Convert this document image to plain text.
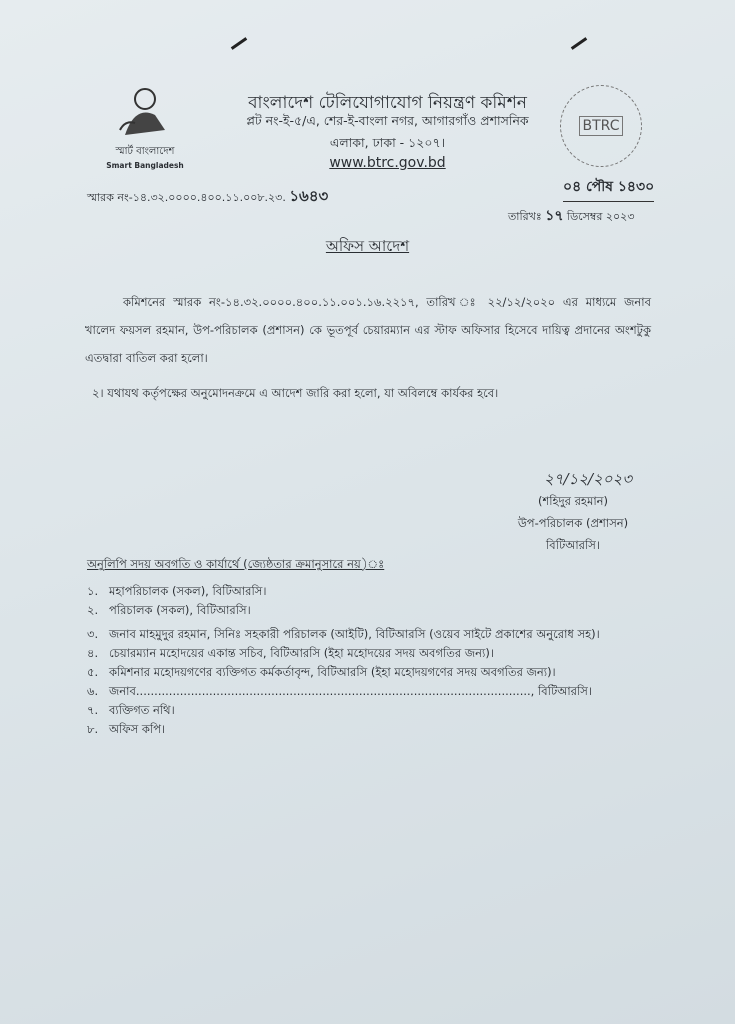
স্মার্ট বাংলাদেশ
Smart Bangladesh
বাংলাদেশ টেলিযোগাযোগ নিয়ন্ত্রণ কমিশন
প্লট নং-ই-৫/এ, শের-ই-বাংলা নগর, আগারগাঁও প্রশাসনিক
এলাকা, ঢাকা - ১২০৭।
www.btrc.gov.bd
BTRC
স্মারক নং-১৪.৩২.০০০০.৪০০.১১.০০৮.২৩. ১৬৪৩	০৪ পৌষ ১৪৩০
তারিখঃ ১৭ ডিসেম্বর ২০২৩
অফিস আদেশ

কমিশনের স্মারক নং-১৪.৩২.০০০০.৪০০.১১.০০১.১৬.২২১৭, তারিখ ঃ ২২/১২/২০২০ এর মাধ্যমে জনাব খালেদ ফয়সল রহমান, উপ-পরিচালক (প্রশাসন) কে ভূতপূর্ব চেয়ারম্যান এর স্টাফ অফিসার হিসেবে দায়িত্ব প্রদানের অংশটুকু এতদ্বারা বাতিল করা হলো।

২। যথাযথ কর্তৃপক্ষের অনুমোদনক্রমে এ আদেশ জারি করা হলো, যা অবিলম্বে কার্যকর হবে।
২৭/১২/২০২৩
(শহিদুর রহমান)
উপ-পরিচালক (প্রশাসন)
বিটিআরসি।
অনুলিপি সদয় অবগতি ও কার্যার্থে (জ্যেষ্ঠতার ক্রমানুসারে নয়)ঃ
১. মহাপরিচালক (সকল), বিটিআরসি।
২. পরিচালক (সকল), বিটিআরসি।
৩. জনাব মাহমুদুর রহমান, সিনিঃ সহকারী পরিচালক (আইটি), বিটিআরসি (ওয়েব সাইটে প্রকাশের অনুরোধ সহ)।
৪. চেয়ারম্যান মহোদয়ের একান্ত সচিব, বিটিআরসি (ইহা মহোদয়ের সদয় অবগতির জন্য)।
৫. কমিশনার মহোদয়গণের ব্যক্তিগত কর্মকর্তাবৃন্দ, বিটিআরসি (ইহা মহোদয়গণের সদয় অবগতির জন্য)।
৬. জনাব............................................................................................................, বিটিআরসি।
৭. ব্যক্তিগত নথি।
৮. অফিস কপি।
